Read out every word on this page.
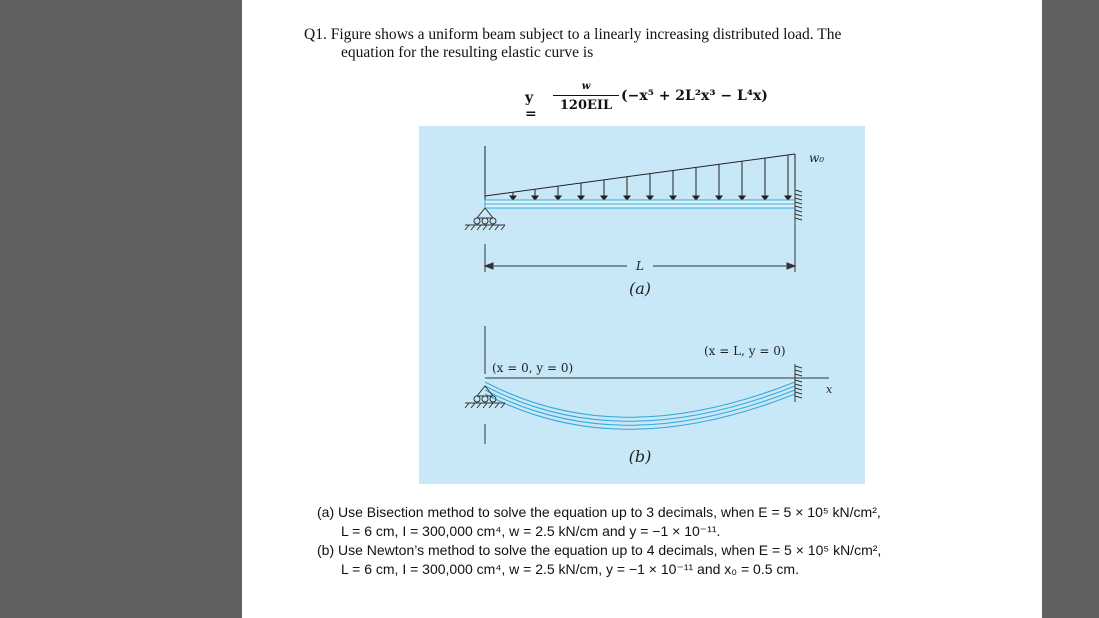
Q1. Figure shows a uniform beam subject to a linearly increasing distributed load. The
equation for the resulting elastic curve is
y =
w
120EIL
(−x⁵ + 2L²x³ − L⁴x)
w₀
L
(a)
x
(x = 0, y = 0)
(x = L, y = 0)
(b)
(a) Use Bisection method to solve the equation up to 3 decimals, when E = 5 × 10⁵ kN/cm²,
L = 6 cm, I = 300,000 cm⁴, w = 2.5 kN/cm and y = −1 × 10⁻¹¹.
(b) Use Newton’s method to solve the equation up to 4 decimals, when E = 5 × 10⁵ kN/cm²,
L = 6 cm, I = 300,000 cm⁴, w = 2.5 kN/cm, y = −1 × 10⁻¹¹ and x₀ = 0.5 cm.
